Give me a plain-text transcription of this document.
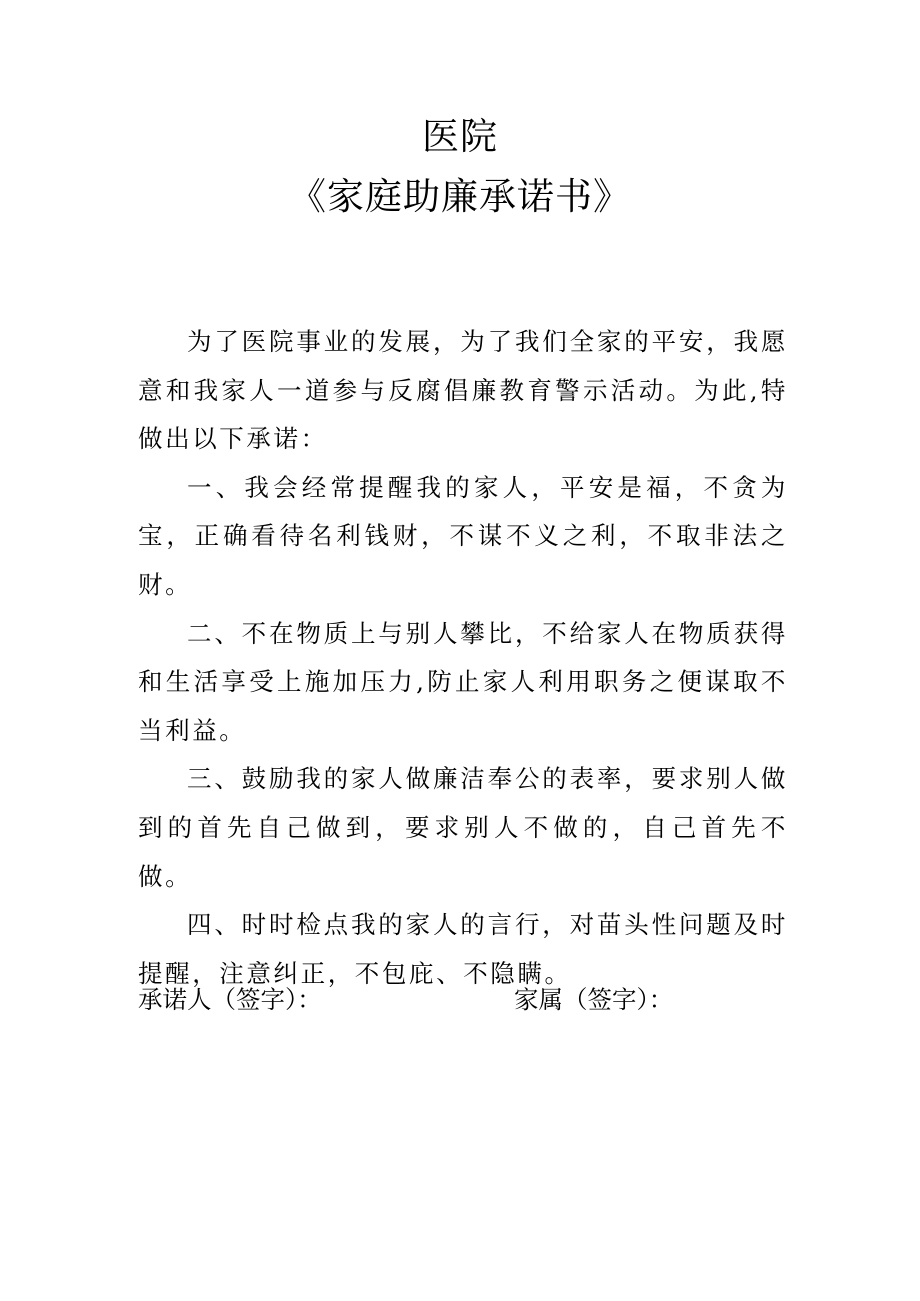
医院
《家庭助廉承诺书》

为了医院事业的发展，为了我们全家的平安，我愿意和我家人一道参与反腐倡廉教育警示活动。为此,特做出以下承诺：

一、我会经常提醒我的家人，平安是福，不贪为宝，正确看待名利钱财，不谋不义之利，不取非法之财。

二、不在物质上与别人攀比，不给家人在物质获得和生活享受上施加压力,防止家人利用职务之便谋取不当利益。

三、鼓励我的家人做廉洁奉公的表率，要求别人做到的首先自己做到，要求别人不做的，自己首先不做。

四、时时检点我的家人的言行，对苗头性问题及时提醒，注意纠正，不包庇、不隐瞒。

承诺人（签字）：	家属（签字）：
